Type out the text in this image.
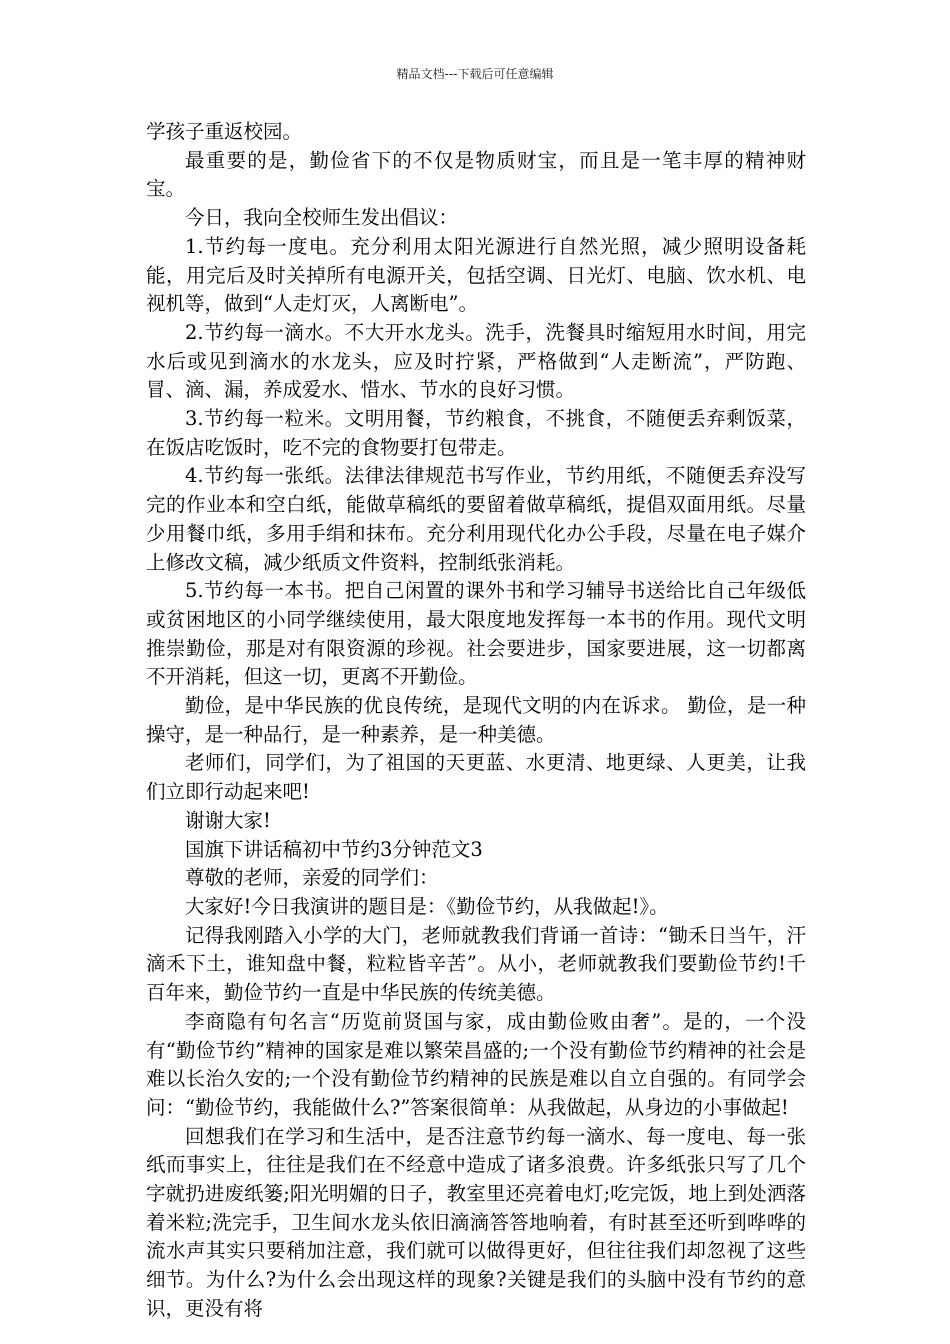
精品文档---下载后可任意编辑

学孩子重返校园。

最重要的是，勤俭省下的不仅是物质财宝，而且是一笔丰厚的精神财宝。

今日，我向全校师生发出倡议：

1.节约每一度电。充分利用太阳光源进行自然光照，减少照明设备耗能，用完后及时关掉所有电源开关，包括空调、日光灯、电脑、饮水机、电视机等，做到“人走灯灭，人离断电”。

2.节约每一滴水。不大开水龙头。洗手，洗餐具时缩短用水时间，用完水后或见到滴水的水龙头，应及时拧紧，严格做到“人走断流”，严防跑、冒、滴、漏，养成爱水、惜水、节水的良好习惯。

3.节约每一粒米。文明用餐，节约粮食，不挑食，不随便丢弃剩饭菜，在饭店吃饭时，吃不完的食物要打包带走。

4.节约每一张纸。法律法律规范书写作业，节约用纸，不随便丢弃没写完的作业本和空白纸，能做草稿纸的要留着做草稿纸，提倡双面用纸。尽量少用餐巾纸，多用手绢和抹布。充分利用现代化办公手段，尽量在电子媒介上修改文稿，减少纸质文件资料，控制纸张消耗。

5.节约每一本书。把自己闲置的课外书和学习辅导书送给比自己年级低或贫困地区的小同学继续使用，最大限度地发挥每一本书的作用。现代文明推崇勤俭，那是对有限资源的珍视。社会要进步，国家要进展，这一切都离不开消耗，但这一切，更离不开勤俭。

勤俭，是中华民族的优良传统，是现代文明的内在诉求。 勤俭，是一种操守，是一种品行，是一种素养，是一种美德。

老师们，同学们，为了祖国的天更蓝、水更清、地更绿、人更美，让我们立即行动起来吧!

谢谢大家!

国旗下讲话稿初中节约3分钟范文3

尊敬的老师，亲爱的同学们：

大家好!今日我演讲的题目是：《勤俭节约，从我做起!》。

记得我刚踏入小学的大门，老师就教我们背诵一首诗：“锄禾日当午，汗滴禾下土，谁知盘中餐，粒粒皆辛苦”。从小，老师就教我们要勤俭节约!千百年来，勤俭节约一直是中华民族的传统美德。

李商隐有句名言“历览前贤国与家，成由勤俭败由奢”。是的，一个没有“勤俭节约”精神的国家是难以繁荣昌盛的;一个没有勤俭节约精神的社会是难以长治久安的;一个没有勤俭节约精神的民族是难以自立自强的。有同学会问：“勤俭节约，我能做什么?”答案很简单：从我做起，从身边的小事做起!

回想我们在学习和生活中，是否注意节约每一滴水、每一度电、每一张纸而事实上，往往是我们在不经意中造成了诸多浪费。许多纸张只写了几个字就扔进废纸篓;阳光明媚的日子，教室里还亮着电灯;吃完饭，地上到处洒落着米粒;洗完手，卫生间水龙头依旧滴滴答答地响着，有时甚至还听到哗哗的流水声其实只要稍加注意，我们就可以做得更好，但往往我们却忽视了这些细节。为什么?为什么会出现这样的现象?关键是我们的头脑中没有节约的意识，更没有将
